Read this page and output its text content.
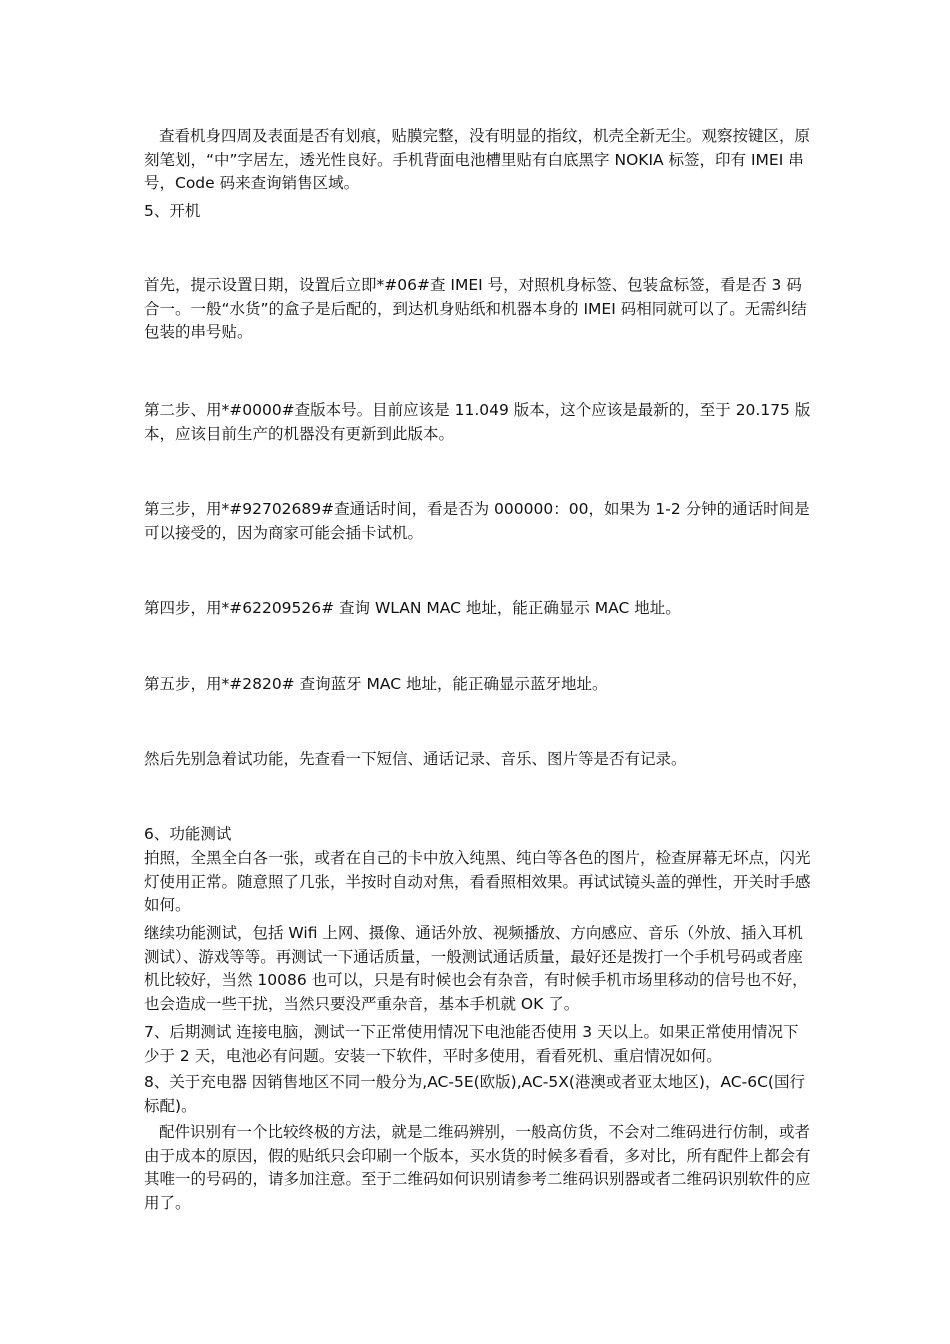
查看机身四周及表面是否有划痕，贴膜完整，没有明显的指纹，机壳全新无尘。观察按键区，原刻笔划，“中”字居左，透光性良好。手机背面电池槽里贴有白底黑字 NOKIA 标签，印有 IMEI 串号，Code 码来查询销售区域。

5、开机

首先，提示设置日期，设置后立即*#06#查 IMEI 号，对照机身标签、包装盒标签，看是否 3 码合一。一般“水货”的盒子是后配的，到达机身贴纸和机器本身的 IMEI 码相同就可以了。无需纠结包装的串号贴。

第二步、用*#0000#查版本号。目前应该是 11.049 版本，这个应该是最新的，至于 20.175 版本，应该目前生产的机器没有更新到此版本。

第三步，用*#92702689#查通话时间，看是否为 000000：00，如果为 1-2 分钟的通话时间是可以接受的，因为商家可能会插卡试机。

第四步，用*#62209526# 查询 WLAN MAC 地址，能正确显示 MAC 地址。

第五步，用*#2820# 查询蓝牙 MAC 地址，能正确显示蓝牙地址。

然后先别急着试功能，先查看一下短信、通话记录、音乐、图片等是否有记录。

6、功能测试

拍照，全黑全白各一张，或者在自己的卡中放入纯黑、纯白等各色的图片，检查屏幕无坏点，闪光灯使用正常。随意照了几张，半按时自动对焦，看看照相效果。再试试镜头盖的弹性，开关时手感如何。

继续功能测试，包括 Wifi 上网、摄像、通话外放、视频播放、方向感应、音乐（外放、插入耳机测试）、游戏等等。再测试一下通话质量，一般测试通话质量，最好还是拨打一个手机号码或者座机比较好，当然 10086 也可以，只是有时候也会有杂音，有时候手机市场里移动的信号也不好，也会造成一些干扰，当然只要没严重杂音，基本手机就 OK 了。

7、后期测试 连接电脑，测试一下正常使用情况下电池能否使用 3 天以上。如果正常使用情况下少于 2 天，电池必有问题。安装一下软件，平时多使用，看看死机、重启情况如何。

8、关于充电器 因销售地区不同一般分为,AC-5E(欧版),AC-5X(港澳或者亚太地区)，AC-6C(国行标配)。

配件识别有一个比较终极的方法，就是二维码辨别，一般高仿货，不会对二维码进行仿制，或者由于成本的原因，假的贴纸只会印刷一个版本，买水货的时候多看看，多对比，所有配件上都会有其唯一的号码的，请多加注意。至于二维码如何识别请参考二维码识别器或者二维码识别软件的应用了。
